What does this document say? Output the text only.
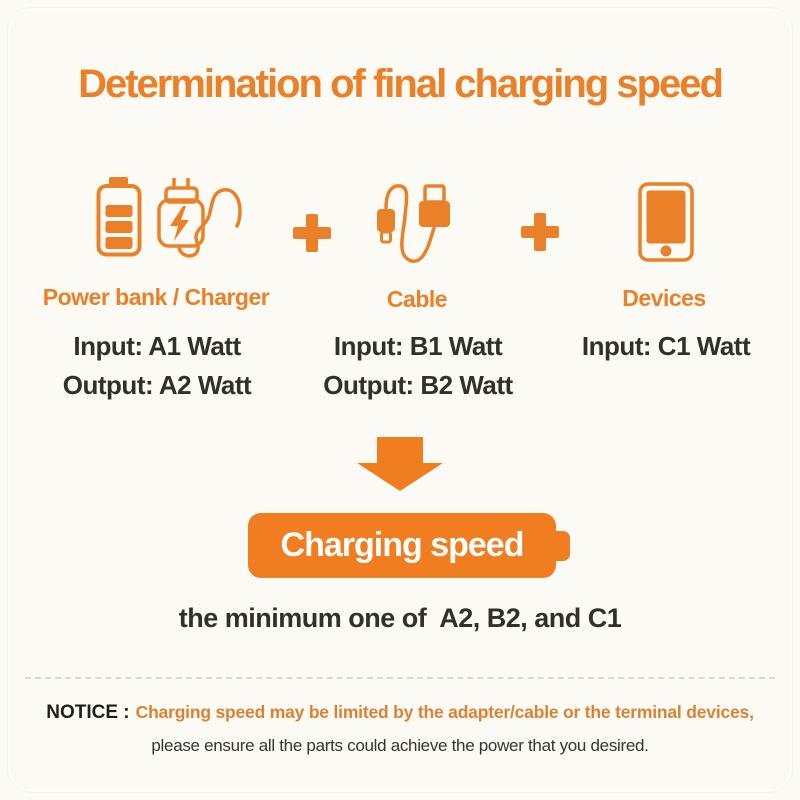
Determination of final charging speed
Power bank / Charger	Cable	Devices
Input: A1 Watt
Output: A2 Watt
Input: B1 Watt
Output: B2 Watt
Input: C1 Watt
Charging speed
the minimum one of  A2, B2, and C1
NOTICE : Charging speed may be limited by the adapter/cable or the terminal devices,
please ensure all the parts could achieve the power that you desired.
